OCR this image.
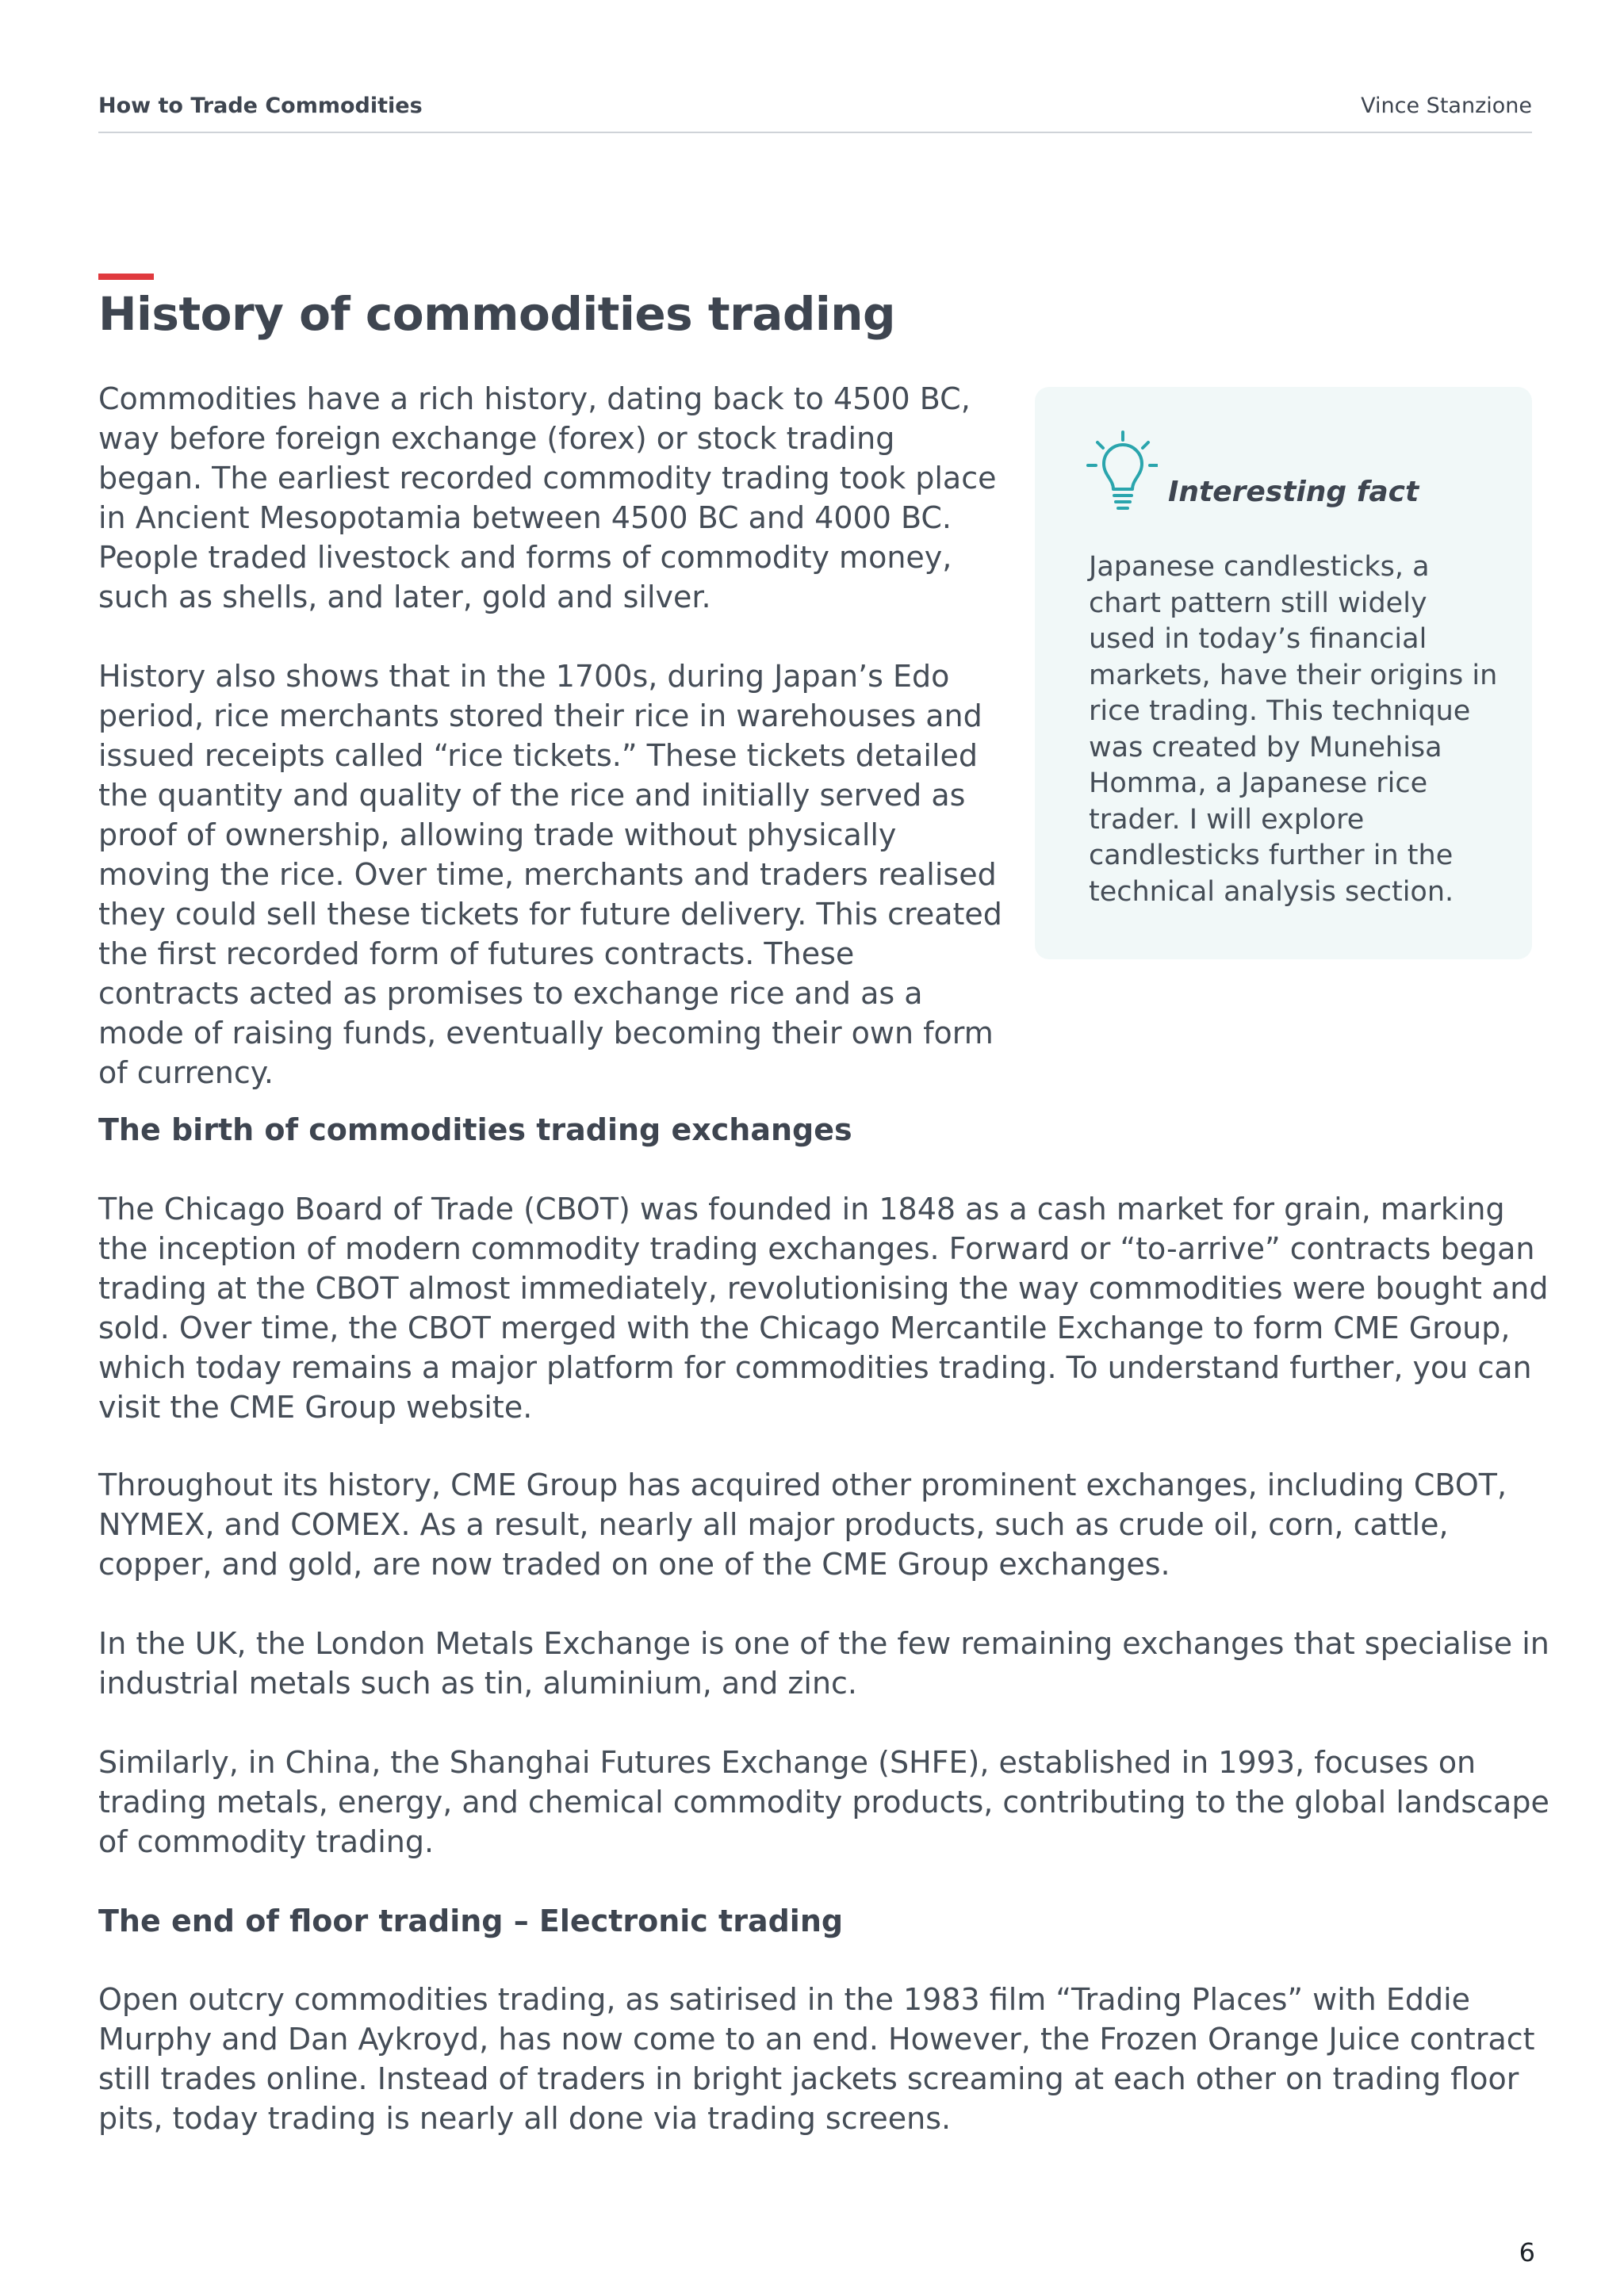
How to Trade Commodities	Vince Stanzione
History of commodities trading

Commodities have a rich history, dating back to 4500 BC, way before foreign exchange (forex) or stock trading began. The earliest recorded commodity trading took place in Ancient Mesopotamia between 4500 BC and 4000 BC. People traded livestock and forms of commodity money, such as shells, and later, gold and silver.

History also shows that in the 1700s, during Japan’s Edo period, rice merchants stored their rice in warehouses and issued receipts called “rice tickets.” These tickets detailed the quantity and quality of the rice and initially served as proof of ownership, allowing trade without physically moving the rice. Over time, merchants and traders realised they could sell these tickets for future delivery. This created the first recorded form of futures contracts. These contracts acted as promises to exchange rice and as a mode of raising funds, eventually becoming their own form of currency.

Interesting fact

Japanese candlesticks, a chart pattern still widely used in today’s financial markets, have their origins in rice trading. This technique was created by Munehisa Homma, a Japanese rice trader. I will explore candlesticks further in the technical analysis section.

The birth of commodities trading exchanges

The Chicago Board of Trade (CBOT) was founded in 1848 as a cash market for grain, marking the inception of modern commodity trading exchanges. Forward or “to-arrive” contracts began trading at the CBOT almost immediately, revolutionising the way commodities were bought and sold. Over time, the CBOT merged with the Chicago Mercantile Exchange to form CME Group, which today remains a major platform for commodities trading. To understand further, you can visit the CME Group website.

Throughout its history, CME Group has acquired other prominent exchanges, including CBOT, NYMEX, and COMEX. As a result, nearly all major products, such as crude oil, corn, cattle, copper, and gold, are now traded on one of the CME Group exchanges.

In the UK, the London Metals Exchange is one of the few remaining exchanges that specialise in industrial metals such as tin, aluminium, and zinc.

Similarly, in China, the Shanghai Futures Exchange (SHFE), established in 1993, focuses on trading metals, energy, and chemical commodity products, contributing to the global landscape of commodity trading.

The end of floor trading – Electronic trading

Open outcry commodities trading, as satirised in the 1983 film “Trading Places” with Eddie Murphy and Dan Aykroyd, has now come to an end. However, the Frozen Orange Juice contract still trades online. Instead of traders in bright jackets screaming at each other on trading floor pits, today trading is nearly all done via trading screens.

6
